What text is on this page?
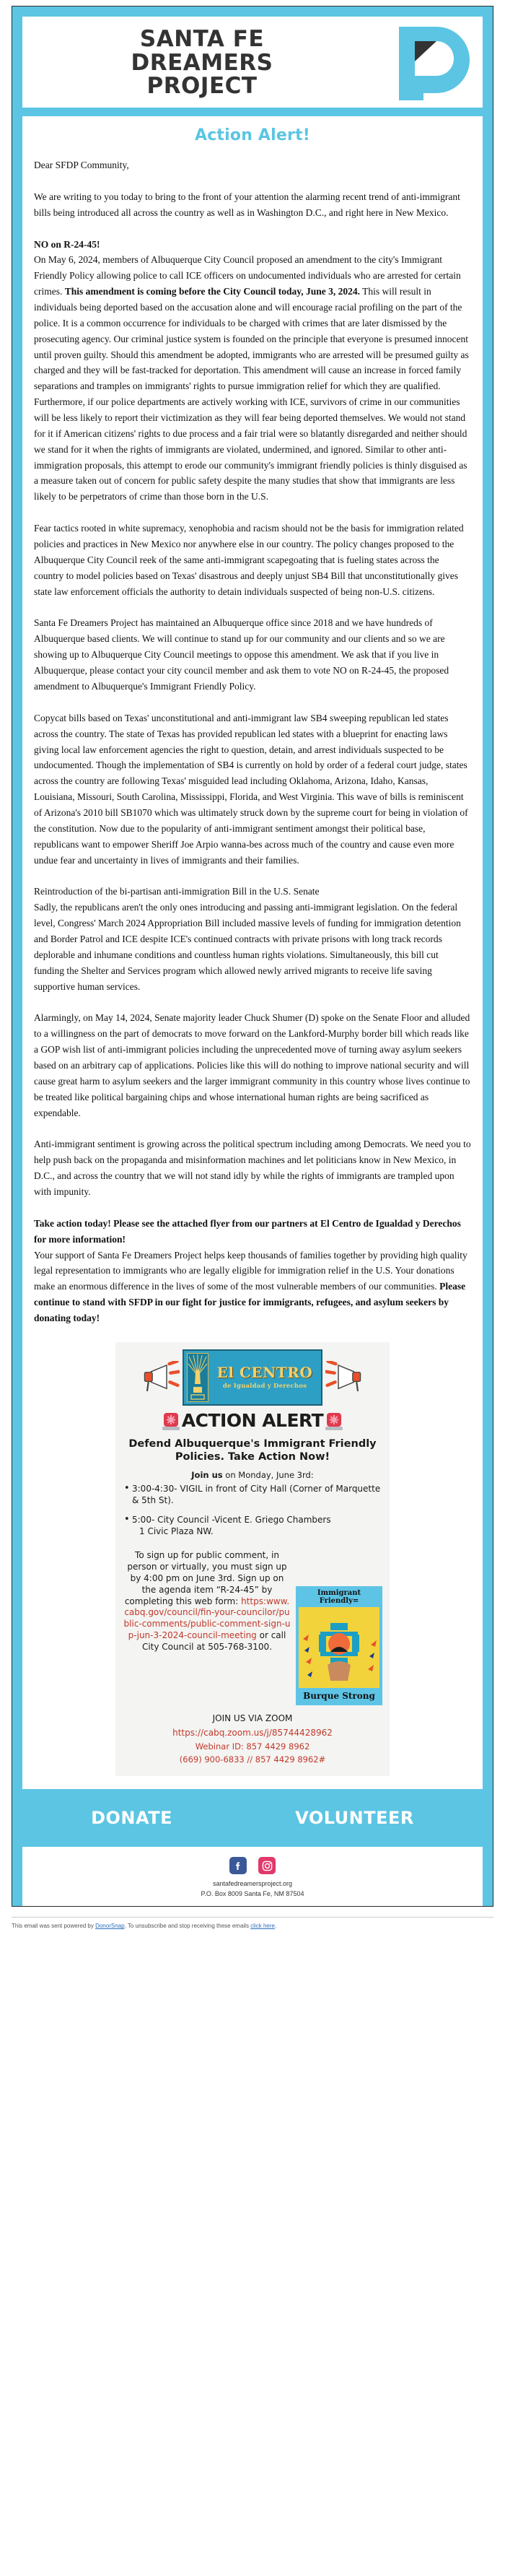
SANTA FE
DREAMERS
PROJECT
Action Alert!

Dear SFDP Community,

We are writing to you today to bring to the front of your attention the alarming recent trend of anti-immigrant bills being introduced all across the country as well as in Washington D.C., and right here in New Mexico.

NO on R-24-45!
On May 6, 2024, members of Albuquerque City Council proposed an amendment to the city's Immigrant Friendly Policy allowing police to call ICE officers on undocumented individuals who are arrested for certain crimes. This amendment is coming before the City Council today, June 3, 2024. This will result in individuals being deported based on the accusation alone and will encourage racial profiling on the part of the police. It is a common occurrence for individuals to be charged with crimes that are later dismissed by the prosecuting agency. Our criminal justice system is founded on the principle that everyone is presumed innocent until proven guilty. Should this amendment be adopted, immigrants who are arrested will be presumed guilty as charged and they will be fast-tracked for deportation. This amendment will cause an increase in forced family separations and tramples on immigrants' rights to pursue immigration relief for which they are qualified. Furthermore, if our police departments are actively working with ICE, survivors of crime in our communities will be less likely to report their victimization as they will fear being deported themselves. We would not stand for it if American citizens' rights to due process and a fair trial were so blatantly disregarded and neither should we stand for it when the rights of immigrants are violated, undermined, and ignored. Similar to other anti-immigration proposals, this attempt to erode our community's immigrant friendly policies is thinly disguised as a measure taken out of concern for public safety despite the many studies that show that immigrants are less likely to be perpetrators of crime than those born in the U.S.

Fear tactics rooted in white supremacy, xenophobia and racism should not be the basis for immigration related policies and practices in New Mexico nor anywhere else in our country. The policy changes proposed to the Albuquerque City Council reek of the same anti-immigrant scapegoating that is fueling states across the country to model policies based on Texas' disastrous and deeply unjust SB4 Bill that unconstitutionally gives state law enforcement officials the authority to detain individuals suspected of being non-U.S. citizens.

Santa Fe Dreamers Project has maintained an Albuquerque office since 2018 and we have hundreds of Albuquerque based clients. We will continue to stand up for our community and our clients and so we are showing up to Albuquerque City Council meetings to oppose this amendment. We ask that if you live in Albuquerque, please contact your city council member and ask them to vote NO on R-24-45, the proposed amendment to Albuquerque's Immigrant Friendly Policy.

Copycat bills based on Texas' unconstitutional and anti-immigrant law SB4 sweeping republican led states across the country. The state of Texas has provided republican led states with a blueprint for enacting laws giving local law enforcement agencies the right to question, detain, and arrest individuals suspected to be undocumented. Though the implementation of SB4 is currently on hold by order of a federal court judge, states across the country are following Texas' misguided lead including Oklahoma, Arizona, Idaho, Kansas, Louisiana, Missouri, South Carolina, Mississippi, Florida, and West Virginia. This wave of bills is reminiscent of Arizona's 2010 bill SB1070 which was ultimately struck down by the supreme court for being in violation of the constitution. Now due to the popularity of anti-immigrant sentiment amongst their political base, republicans want to empower Sheriff Joe Arpio wanna-bes across much of the country and cause even more undue fear and uncertainty in lives of immigrants and their families.

Reintroduction of the bi-partisan anti-immigration Bill in the U.S. Senate
Sadly, the republicans aren't the only ones introducing and passing anti-immigrant legislation. On the federal level, Congress' March 2024 Appropriation Bill included massive levels of funding for immigration detention and Border Patrol and ICE despite ICE's continued contracts with private prisons with long track records deplorable and inhumane conditions and countless human rights violations. Simultaneously, this bill cut funding the Shelter and Services program which allowed newly arrived migrants to receive life saving supportive human services.

Alarmingly, on May 14, 2024, Senate majority leader Chuck Shumer (D) spoke on the Senate Floor and alluded to a willingness on the part of democrats to move forward on the Lankford-Murphy border bill which reads like a GOP wish list of anti-immigrant policies including the unprecedented move of turning away asylum seekers based on an arbitrary cap of applications. Policies like this will do nothing to improve national security and will cause great harm to asylum seekers and the larger immigrant community in this country whose lives continue to be treated like political bargaining chips and whose international human rights are being sacrificed as expendable.

Anti-immigrant sentiment is growing across the political spectrum including among Democrats. We need you to help push back on the propaganda and misinformation machines and let politicians know in New Mexico, in D.C., and across the country that we will not stand idly by while the rights of immigrants are trampled upon with impunity.

Take action today! Please see the attached flyer from our partners at El Centro de Igualdad y Derechos for more information!
Your support of Santa Fe Dreamers Project helps keep thousands of families together by providing high quality legal representation to immigrants who are legally eligible for immigration relief in the U.S. Your donations make an enormous difference in the lives of some of the most vulnerable members of our communities. Please continue to stand with SFDP in our fight for justice for immigrants, refugees, and asylum seekers by donating today!

El CENTRO
de Igualdad y Derechos
ACTION ALERT
Defend Albuquerque's Immigrant Friendly
Policies. Take Action Now!
Join us on Monday, June 3rd:
• 3:00-4:30- VIGIL in front of City Hall (Corner of Marquette & 5th St).
• 5:00- City Council -Vicent E. Griego Chambers
1 Civic Plaza NW.
To sign up for public comment, in person or virtually, you must sign up by 4:00 pm on June 3rd. Sign up on the agenda item “R-24-45” by completing this web form: https:www.cabq.gov/council/fin-your-councilor/public-comments/public-comment-sign-up-jun-3-2024-council-meeting or call City Council at 505-768-3100.
Immigrant Friendly=
Burque Strong
JOIN US VIA ZOOM
https://cabq.zoom.us/j/85744428962
Webinar ID: 857 4429 8962
(669) 900-6833 // 857 4429 8962#
DONATE	VOLUNTEER
santafedreamersproject.org
P.O. Box 8009 Santa Fe, NM 87504
This email was sent powered by DonorSnap. To unsubscribe and stop receiving these emails click here.
